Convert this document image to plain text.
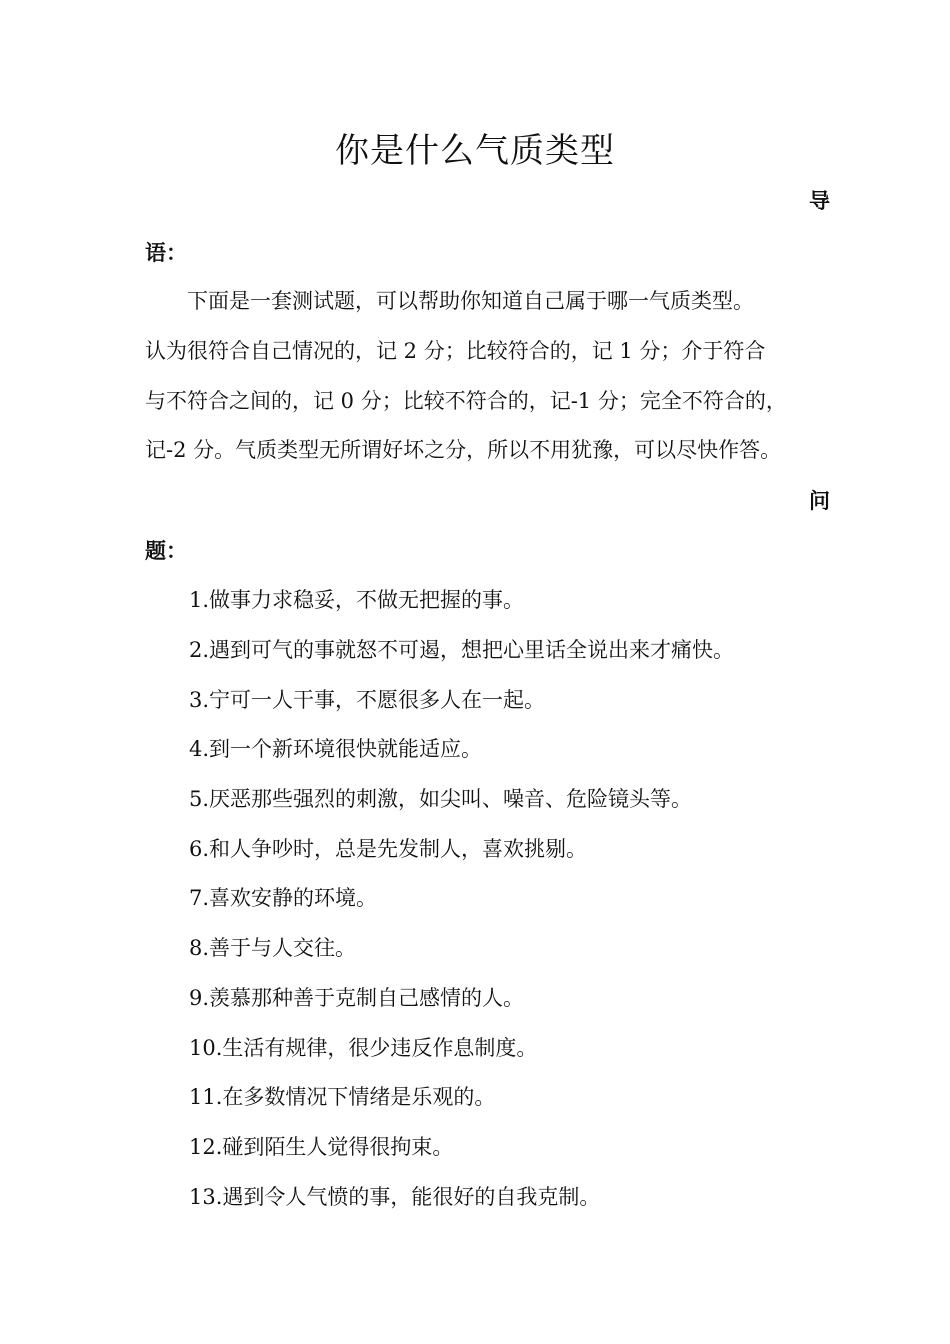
你是什么气质类型
导
语：
　　下面是一套测试题，可以帮助你知道自己属于哪一气质类型。
认为很符合自己情况的，记 2 分；比较符合的，记 1 分；介于符合
与不符合之间的，记 0 分；比较不符合的，记-1 分；完全不符合的，
记-2 分。气质类型无所谓好坏之分，所以不用犹豫，可以尽快作答。
问
题：
1.做事力求稳妥，不做无把握的事。
2.遇到可气的事就怒不可遏，想把心里话全说出来才痛快。
3.宁可一人干事，不愿很多人在一起。
4.到一个新环境很快就能适应。
5.厌恶那些强烈的刺激，如尖叫、噪音、危险镜头等。
6.和人争吵时，总是先发制人，喜欢挑剔。
7.喜欢安静的环境。
8.善于与人交往。
9.羡慕那种善于克制自己感情的人。
10.生活有规律，很少违反作息制度。
11.在多数情况下情绪是乐观的。
12.碰到陌生人觉得很拘束。
13.遇到令人气愤的事，能很好的自我克制。
